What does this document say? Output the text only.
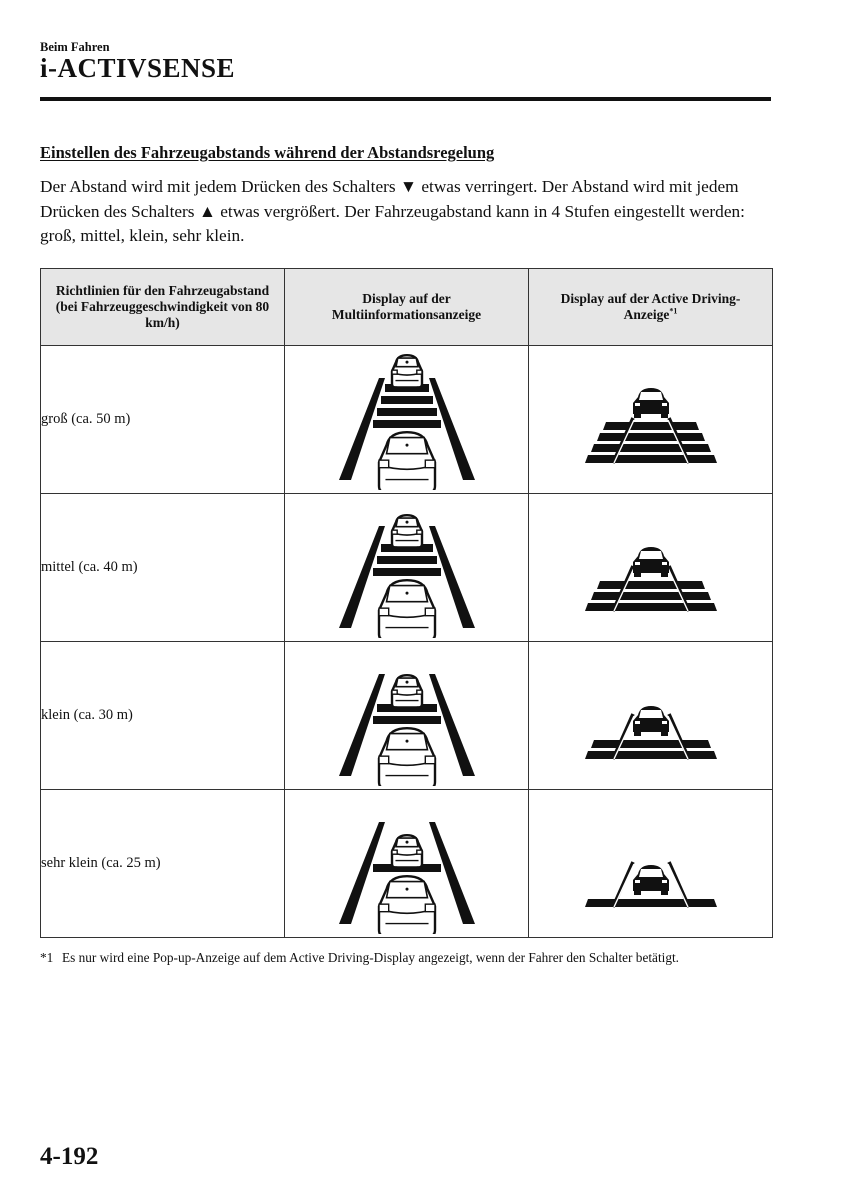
Beim Fahren
i-ACTIVSENSE
Einstellen des Fahrzeugabstands während der Abstandsregelung
Der Abstand wird mit jedem Drücken des Schalters ▼ etwas verringert. Der Abstand wird mit jedem Drücken des Schalters ▲ etwas vergrößert. Der Fahrzeugabstand kann in 4 Stufen eingestellt werden: groß, mittel, klein, sehr klein.
Richtlinien für den Fahrzeugabstand (bei Fahrzeuggeschwindigkeit von 80 km/h)	Display auf der Multiinformationsanzeige	Display auf der Active Driving-Anzeige$^{*1}$
groß (ca. 50 m)	

mittel (ca. 40 m)	

klein (ca. 30 m)	

sehr klein (ca. 25 m)	

*1 Es nur wird eine Pop-up-Anzeige auf dem Active Driving-Display angezeigt, wenn der Fahrer den Schalter betätigt.
4-192
